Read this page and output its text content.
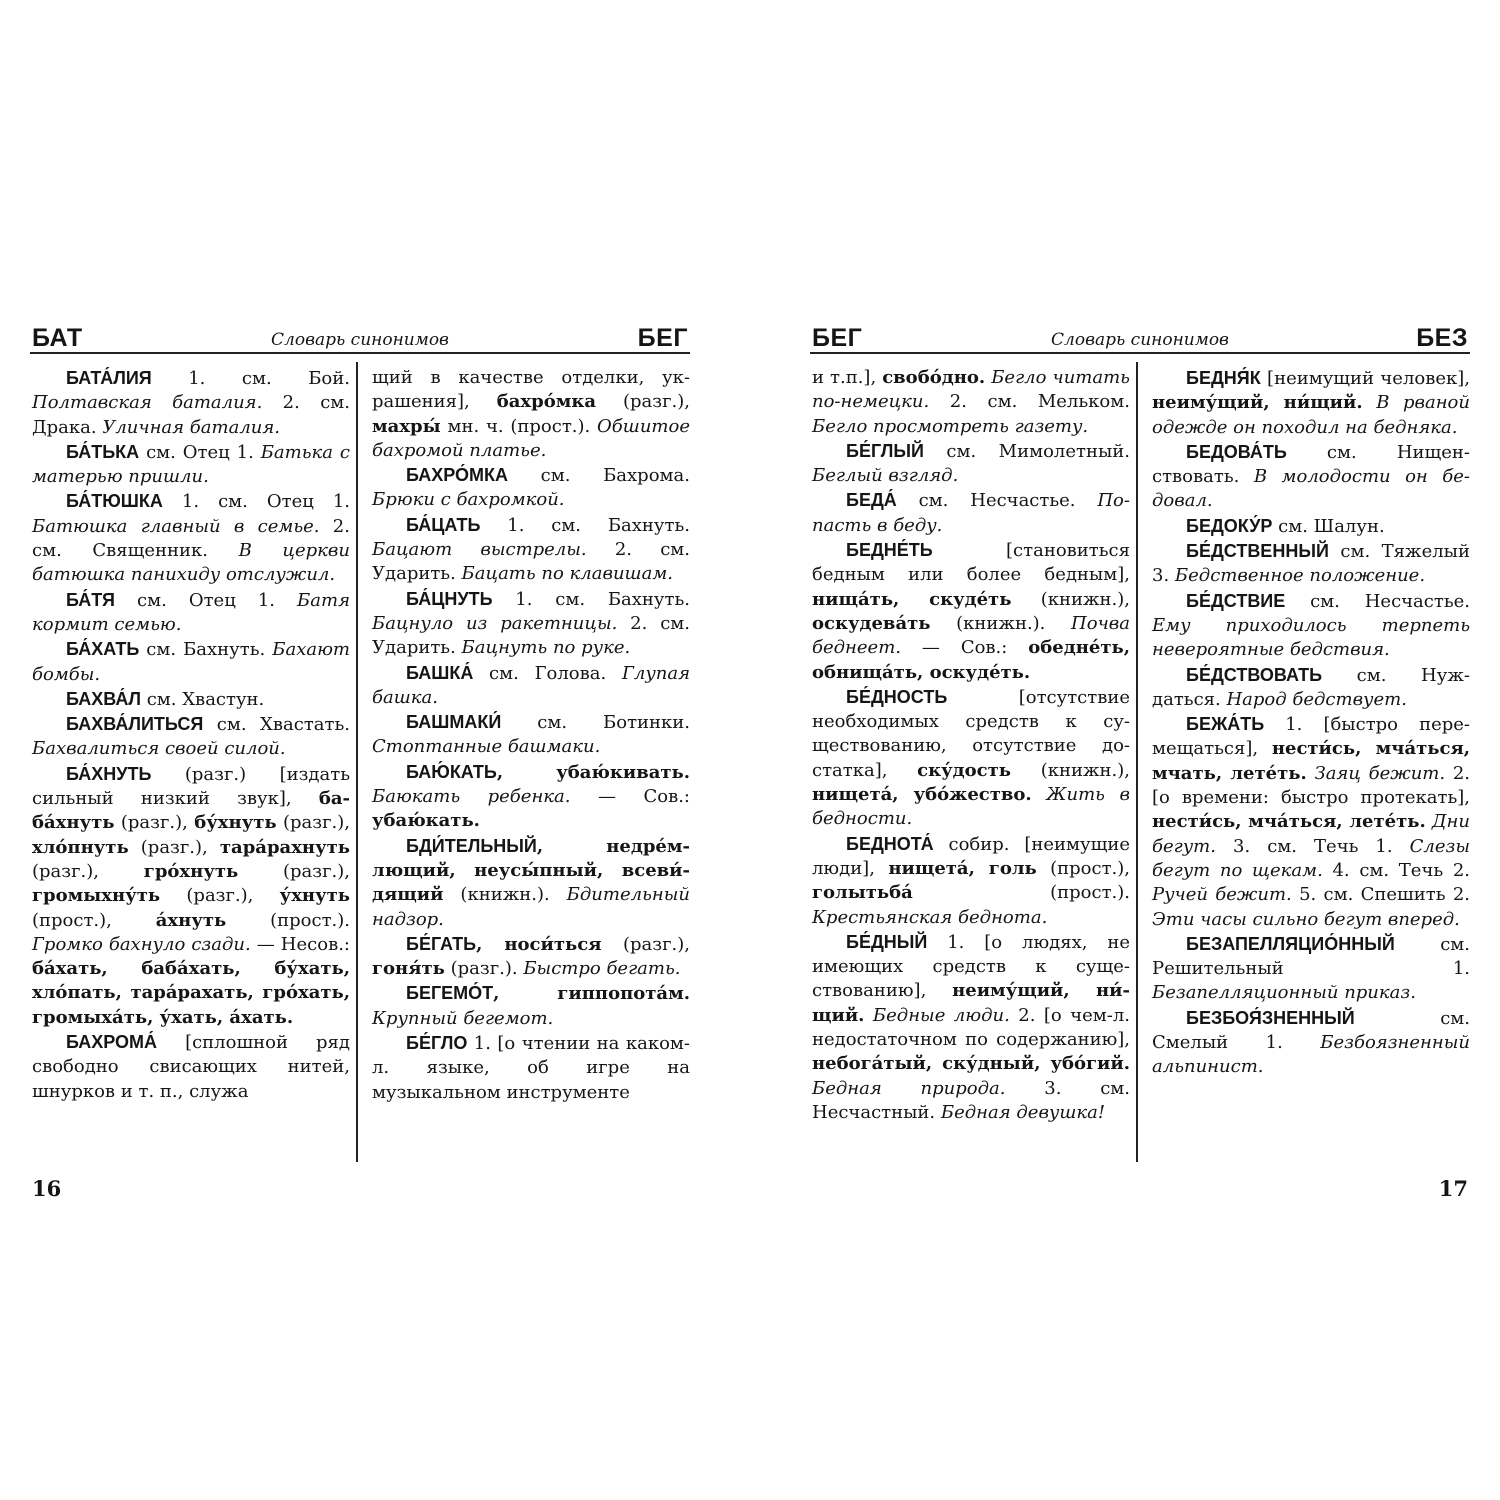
БАТ	Словарь синонимов	БЕГ

БАТА́ЛИЯ 1. см. Бой. Полтавская баталия. 2. см. Драка. Уличная баталия.

БА́ТЬКА см. Отец 1. Батька с матерью пришли.

БА́ТЮШКА 1. см. Отец 1. Батюшка главный в семье. 2. см. Священник. В церкви батюшка панихиду отслужил.

БА́ТЯ см. Отец 1. Батя кормит семью.

БА́ХАТЬ см. Бахнуть. Бахают бомбы.

БАХВА́Л см. Хвастун.

БАХВА́ЛИТЬСЯ см. Хвастать. Бахвалиться своей силой.

БА́ХНУТЬ (разг.) [издать сильный низкий звук], баба́хнуть (разг.), бу́хнуть (разг.), хло́пнуть (разг.), тара́рахнуть (разг.), гро́хнуть (разг.), громыхну́ть (разг.), у́хнуть (прост.), а́хнуть (прост.). Громко бахнуло сзади. — Несов.: ба́хать, баба́хать, бу́хать, хло́пать, тара́рахать, гро́хать, громыха́ть, у́хать, а́хать.

БАХРОМА́ [сплошной ряд свободно свисающих нитей, шнурков и т. п., служа

щий в качестве отделки, украшения], бахро́мка (разг.), махры́ мн. ч. (прост.). Обшитое бахромой платье.

БАХРО́МКА см. Бахрома. Брюки с бахромкой.

БА́ЦАТЬ 1. см. Бахнуть. Бацают выстрелы. 2. см. Ударить. Бацать по клавишам.

БА́ЦНУТЬ 1. см. Бахнуть. Бацнуло из ракетницы. 2. см. Ударить. Бацнуть по руке.

БАШКА́ см. Голова. Глупая башка.

БАШМАКИ́ см. Ботинки. Стоптанные башмаки.

БАЮ́КАТЬ, убаю́кивать. Баюкать ребенка. — Сов.: убаю́кать.

БДИ́ТЕЛЬНЫЙ, недре́млющий, неусы́пный, всеви́дящий (книжн.). Бдительный надзор.

БЕ́ГАТЬ, носи́ться (разг.), гоня́ть (разг.). Быстро бегать.

БЕГЕМО́Т, гиппопота́м. Крупный бегемот.

БЕ́ГЛО 1. [о чтении на каком-л. языке, об игре на музыкальном инструменте

16
БЕГ	Словарь синонимов	БЕЗ

и т.п.], свобо́дно. Бегло читать по-немецки. 2. см. Мельком. Бегло просмотреть газету.

БЕ́ГЛЫЙ см. Мимолетный. Беглый взгляд.

БЕДА́ см. Несчастье. Попасть в беду.

БЕДНЕ́ТЬ [становиться бедным или более бедным], нища́ть, скуде́ть (книжн.), оскудева́ть (книжн.). Почва беднеет. — Сов.: обедне́ть, обнища́ть, оскуде́ть.

БЕ́ДНОСТЬ [отсутствие необходимых средств к существованию, отсутствие достатка], ску́дость (книжн.), нищета́, убо́жество. Жить в бедности.

БЕДНОТА́ собир. [неимущие люди], нищета́, голь (прост.), голытьба́ (прост.). Крестьянская беднота.

БЕ́ДНЫЙ 1. [о людях, не имеющих средств к существованию], неиму́щий, ни́щий. Бедные люди. 2. [о чем-л. недостаточном по содержанию], небога́тый, ску́дный, убо́гий. Бедная природа. 3. см. Несчастный. Бедная девушка!

БЕДНЯ́К [неимущий человек], неиму́щий, ни́щий. В рваной одежде он походил на бедняка.

БЕДОВА́ТЬ см. Нищенствовать. В молодости он бедовал.

БЕДОКУ́Р см. Шалун.

БЕ́ДСТВЕННЫЙ см. Тяжелый 3. Бедственное положение.

БЕ́ДСТВИЕ см. Несчастье. Ему приходилось терпеть невероятные бедствия.

БЕ́ДСТВОВАТЬ см. Нуждаться. Народ бедствует.

БЕЖА́ТЬ 1. [быстро перемещаться], нести́сь, мча́ться, мчать, лете́ть. Заяц бежит. 2. [о времени: быстро протекать], нести́сь, мча́ться, лете́ть. Дни бегут. 3. см. Течь 1. Слезы бегут по щекам. 4. см. Течь 2. Ручей бежит. 5. см. Спешить 2. Эти часы сильно бегут вперед.

БЕЗАПЕЛЛЯЦИО́ННЫЙ см. Решительный 1. Безапелляционный приказ.

БЕЗБОЯ́ЗНЕННЫЙ см. Смелый 1. Безбоязненный альпинист.

17
